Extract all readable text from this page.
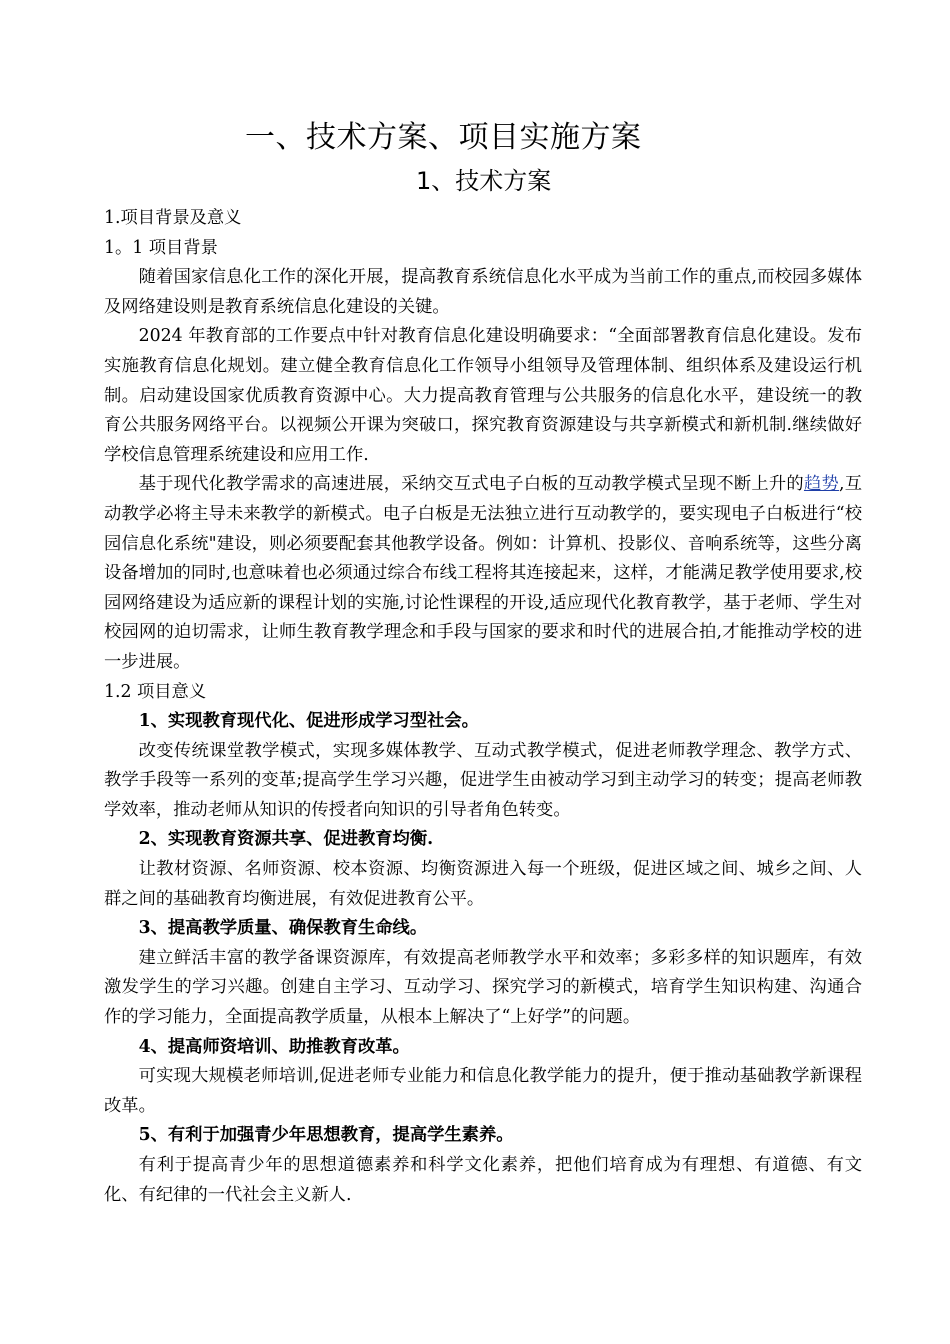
一、技术方案、项目实施方案
1、技术方案

1.项目背景及意义

1。1 项目背景

随着国家信息化工作的深化开展，提高教育系统信息化水平成为当前工作的重点,而校园多媒体及网络建设则是教育系统信息化建设的关键。

2024 年教育部的工作要点中针对教育信息化建设明确要求：“全面部署教育信息化建设。发布实施教育信息化规划。建立健全教育信息化工作领导小组领导及管理体制、组织体系及建设运行机制。启动建设国家优质教育资源中心。大力提高教育管理与公共服务的信息化水平，建设统一的教育公共服务网络平台。以视频公开课为突破口，探究教育资源建设与共享新模式和新机制.继续做好学校信息管理系统建设和应用工作.

基于现代化教学需求的高速进展，采纳交互式电子白板的互动教学模式呈现不断上升的趋势,互动教学必将主导未来教学的新模式。电子白板是无法独立进行互动教学的，要实现电子白板进行“校园信息化系统"建设，则必须要配套其他教学设备。例如：计算机、投影仪、音响系统等，这些分离设备增加的同时,也意味着也必须通过综合布线工程将其连接起来，这样，才能满足教学使用要求,校园网络建设为适应新的课程计划的实施,讨论性课程的开设,适应现代化教育教学，基于老师、学生对校园网的迫切需求，让师生教育教学理念和手段与国家的要求和时代的进展合拍,才能推动学校的进一步进展。

1.2 项目意义

1、实现教育现代化、促进形成学习型社会。

改变传统课堂教学模式，实现多媒体教学、互动式教学模式，促进老师教学理念、教学方式、教学手段等一系列的变革;提高学生学习兴趣，促进学生由被动学习到主动学习的转变；提高老师教学效率，推动老师从知识的传授者向知识的引导者角色转变。

2、实现教育资源共享、促进教育均衡.

让教材资源、名师资源、校本资源、均衡资源进入每一个班级，促进区域之间、城乡之间、人群之间的基础教育均衡进展，有效促进教育公平。

3、提高教学质量、确保教育生命线。

建立鲜活丰富的教学备课资源库，有效提高老师教学水平和效率；多彩多样的知识题库，有效激发学生的学习兴趣。创建自主学习、互动学习、探究学习的新模式，培育学生知识构建、沟通合作的学习能力，全面提高教学质量，从根本上解决了“上好学”的问题。

4、提高师资培训、助推教育改革。

可实现大规模老师培训,促进老师专业能力和信息化教学能力的提升，便于推动基础教学新课程改革。

5、有利于加强青少年思想教育，提高学生素养。

有利于提高青少年的思想道德素养和科学文化素养，把他们培育成为有理想、有道德、有文化、有纪律的一代社会主义新人.
